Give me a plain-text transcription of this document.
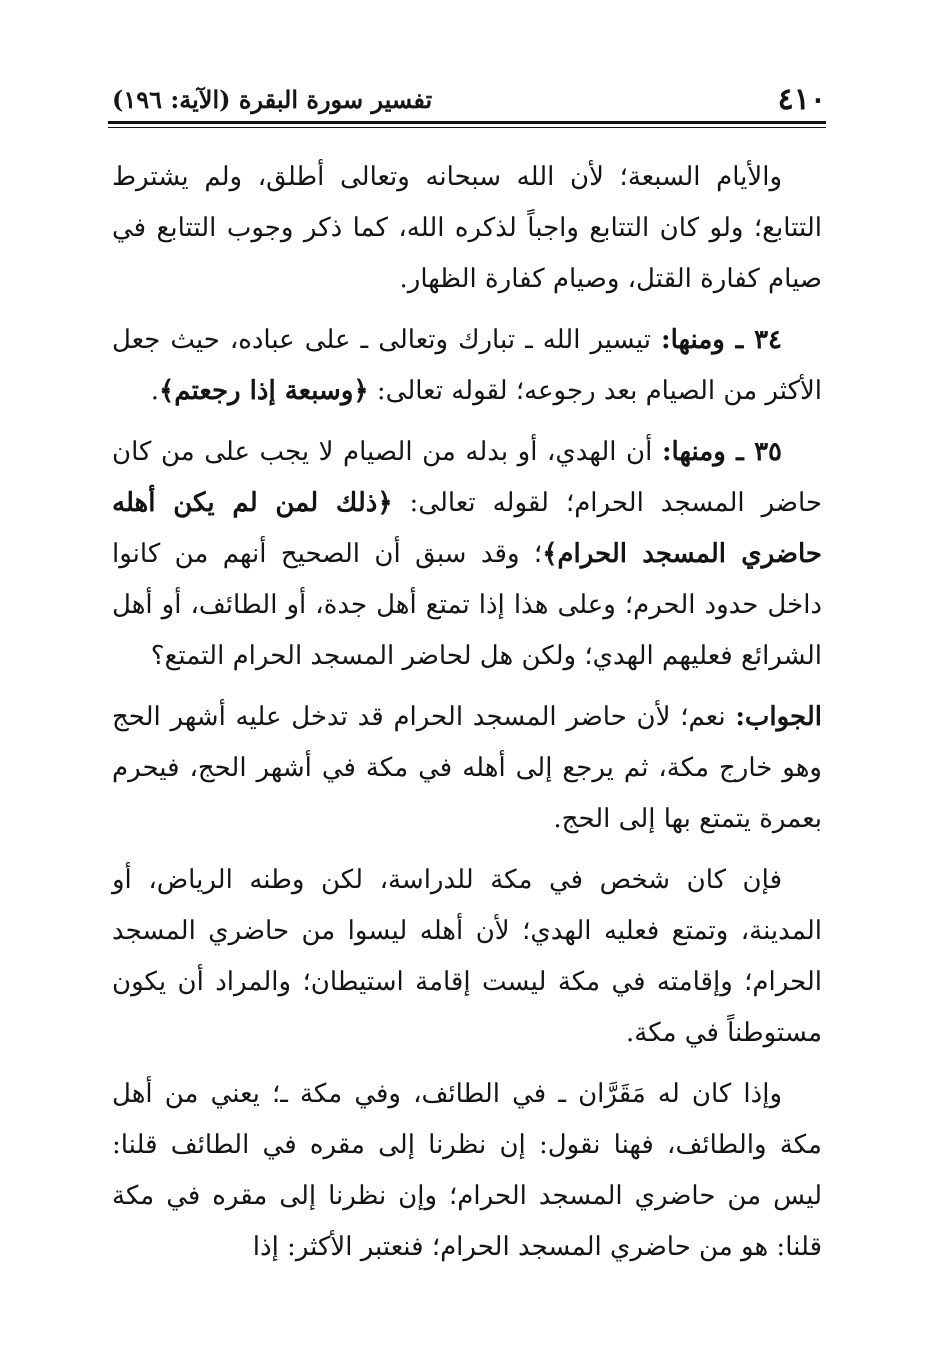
٤١٠
تفسير سورة البقرة (الآية: ١٩٦)

والأيام السبعة؛ لأن الله سبحانه وتعالى أطلق، ولم يشترط التتابع؛ ولو كان التتابع واجباً لذكره الله، كما ذكر وجوب التتابع في صيام كفارة القتل، وصيام كفارة الظهار.

٣٤ ـ ومنها: تيسير الله ـ تبارك وتعالى ـ على عباده، حيث جعل الأكثر من الصيام بعد رجوعه؛ لقوله تعالى: ﴿وسبعة إذا رجعتم﴾.

٣٥ ـ ومنها: أن الهدي، أو بدله من الصيام لا يجب على من كان حاضر المسجد الحرام؛ لقوله تعالى: ﴿ذلك لمن لم يكن أهله حاضري المسجد الحرام﴾؛ وقد سبق أن الصحيح أنهم من كانوا داخل حدود الحرم؛ وعلى هذا إذا تمتع أهل جدة، أو الطائف، أو أهل الشرائع فعليهم الهدي؛ ولكن هل لحاضر المسجد الحرام التمتع؟

الجواب: نعم؛ لأن حاضر المسجد الحرام قد تدخل عليه أشهر الحج وهو خارج مكة، ثم يرجع إلى أهله في مكة في أشهر الحج، فيحرم بعمرة يتمتع بها إلى الحج.

فإن كان شخص في مكة للدراسة، لكن وطنه الرياض، أو المدينة، وتمتع فعليه الهدي؛ لأن أهله ليسوا من حاضري المسجد الحرام؛ وإقامته في مكة ليست إقامة استيطان؛ والمراد أن يكون مستوطناً في مكة.

وإذا كان له مَقَرَّان ـ في الطائف، وفي مكة ـ؛ يعني من أهل مكة والطائف، فهنا نقول: إن نظرنا إلى مقره في الطائف قلنا: ليس من حاضري المسجد الحرام؛ وإن نظرنا إلى مقره في مكة قلنا: هو من حاضري المسجد الحرام؛ فنعتبر الأكثر: إذا
